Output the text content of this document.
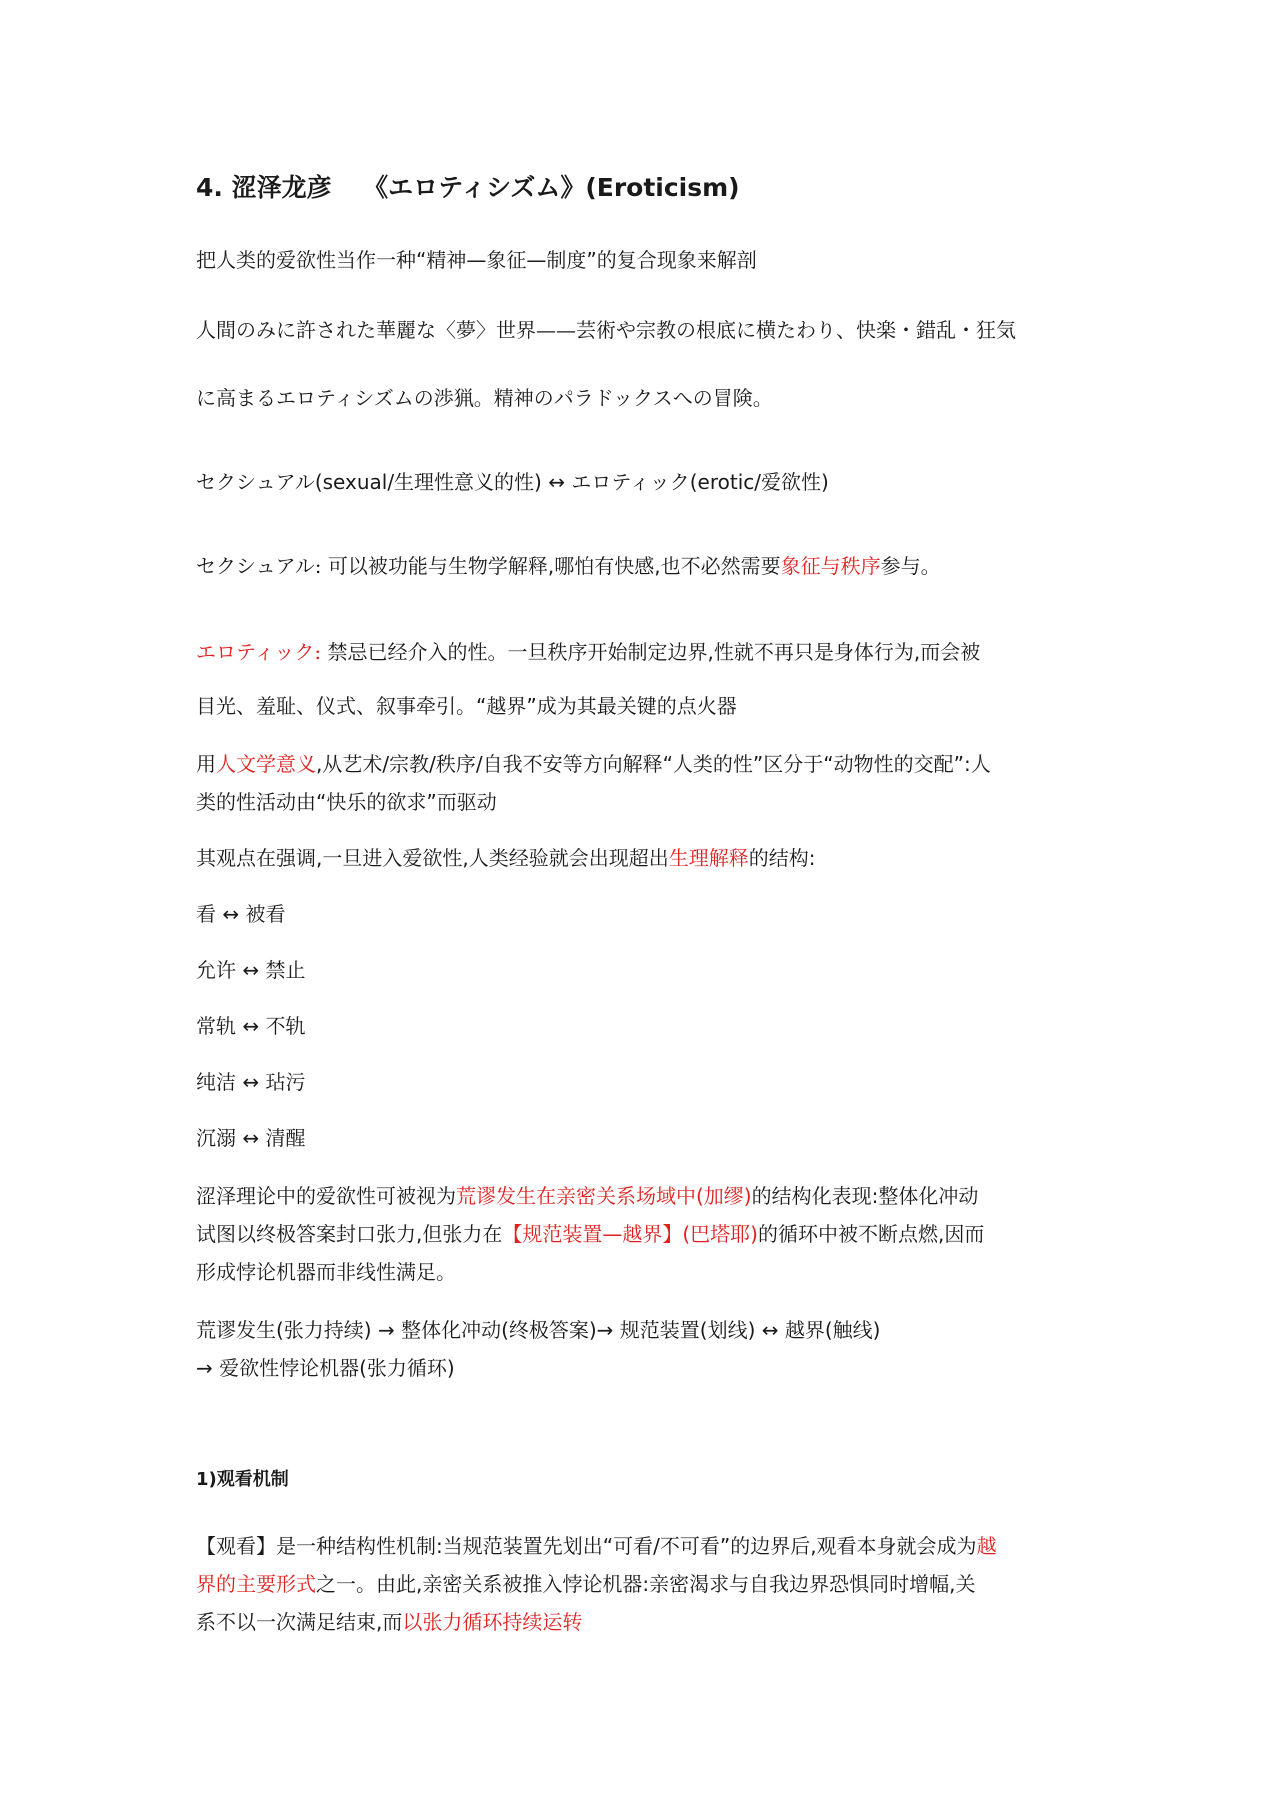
4. 涩泽龙彦 《エロティシズム》(Eroticism)

把人类的爱欲性当作一种“精神—象征—制度”的复合现象来解剖

人間のみに許された華麗な〈夢〉世界——芸術や宗教の根底に横たわり、快楽・錯乱・狂気

に高まるエロティシズムの渉猟。精神のパラドックスへの冒険。

セクシュアル(sexual/生理性意义的性) ↔ エロティック(erotic/爱欲性)

セクシュアル: 可以被功能与生物学解释,哪怕有快感,也不必然需要象征与秩序参与。

エロティック: 禁忌已经介入的性。一旦秩序开始制定边界,性就不再只是身体行为,而会被

目光、羞耻、仪式、叙事牵引。“越界”成为其最关键的点火器

用人文学意义,从艺术/宗教/秩序/自我不安等方向解释“人类的性”区分于“动物性的交配”:人

类的性活动由“快乐的欲求”而驱动

其观点在强调,一旦进入爱欲性,人类经验就会出现超出生理解释的结构:

看 ↔ 被看

允许 ↔ 禁止

常轨 ↔ 不轨

纯洁 ↔ 玷污

沉溺 ↔ 清醒

涩泽理论中的爱欲性可被视为荒谬发生在亲密关系场域中(加缪)的结构化表现:整体化冲动

试图以终极答案封口张力,但张力在【规范装置—越界】(巴塔耶)的循环中被不断点燃,因而

形成悖论机器而非线性满足。

荒谬发生(张力持续) → 整体化冲动(终极答案)→ 规范装置(划线) ↔ 越界(触线)

→ 爱欲性悖论机器(张力循环)

1)观看机制

【观看】是一种结构性机制:当规范装置先划出“可看/不可看”的边界后,观看本身就会成为越

界的主要形式之一。由此,亲密关系被推入悖论机器:亲密渴求与自我边界恐惧同时增幅,关

系不以一次满足结束,而以张力循环持续运转
